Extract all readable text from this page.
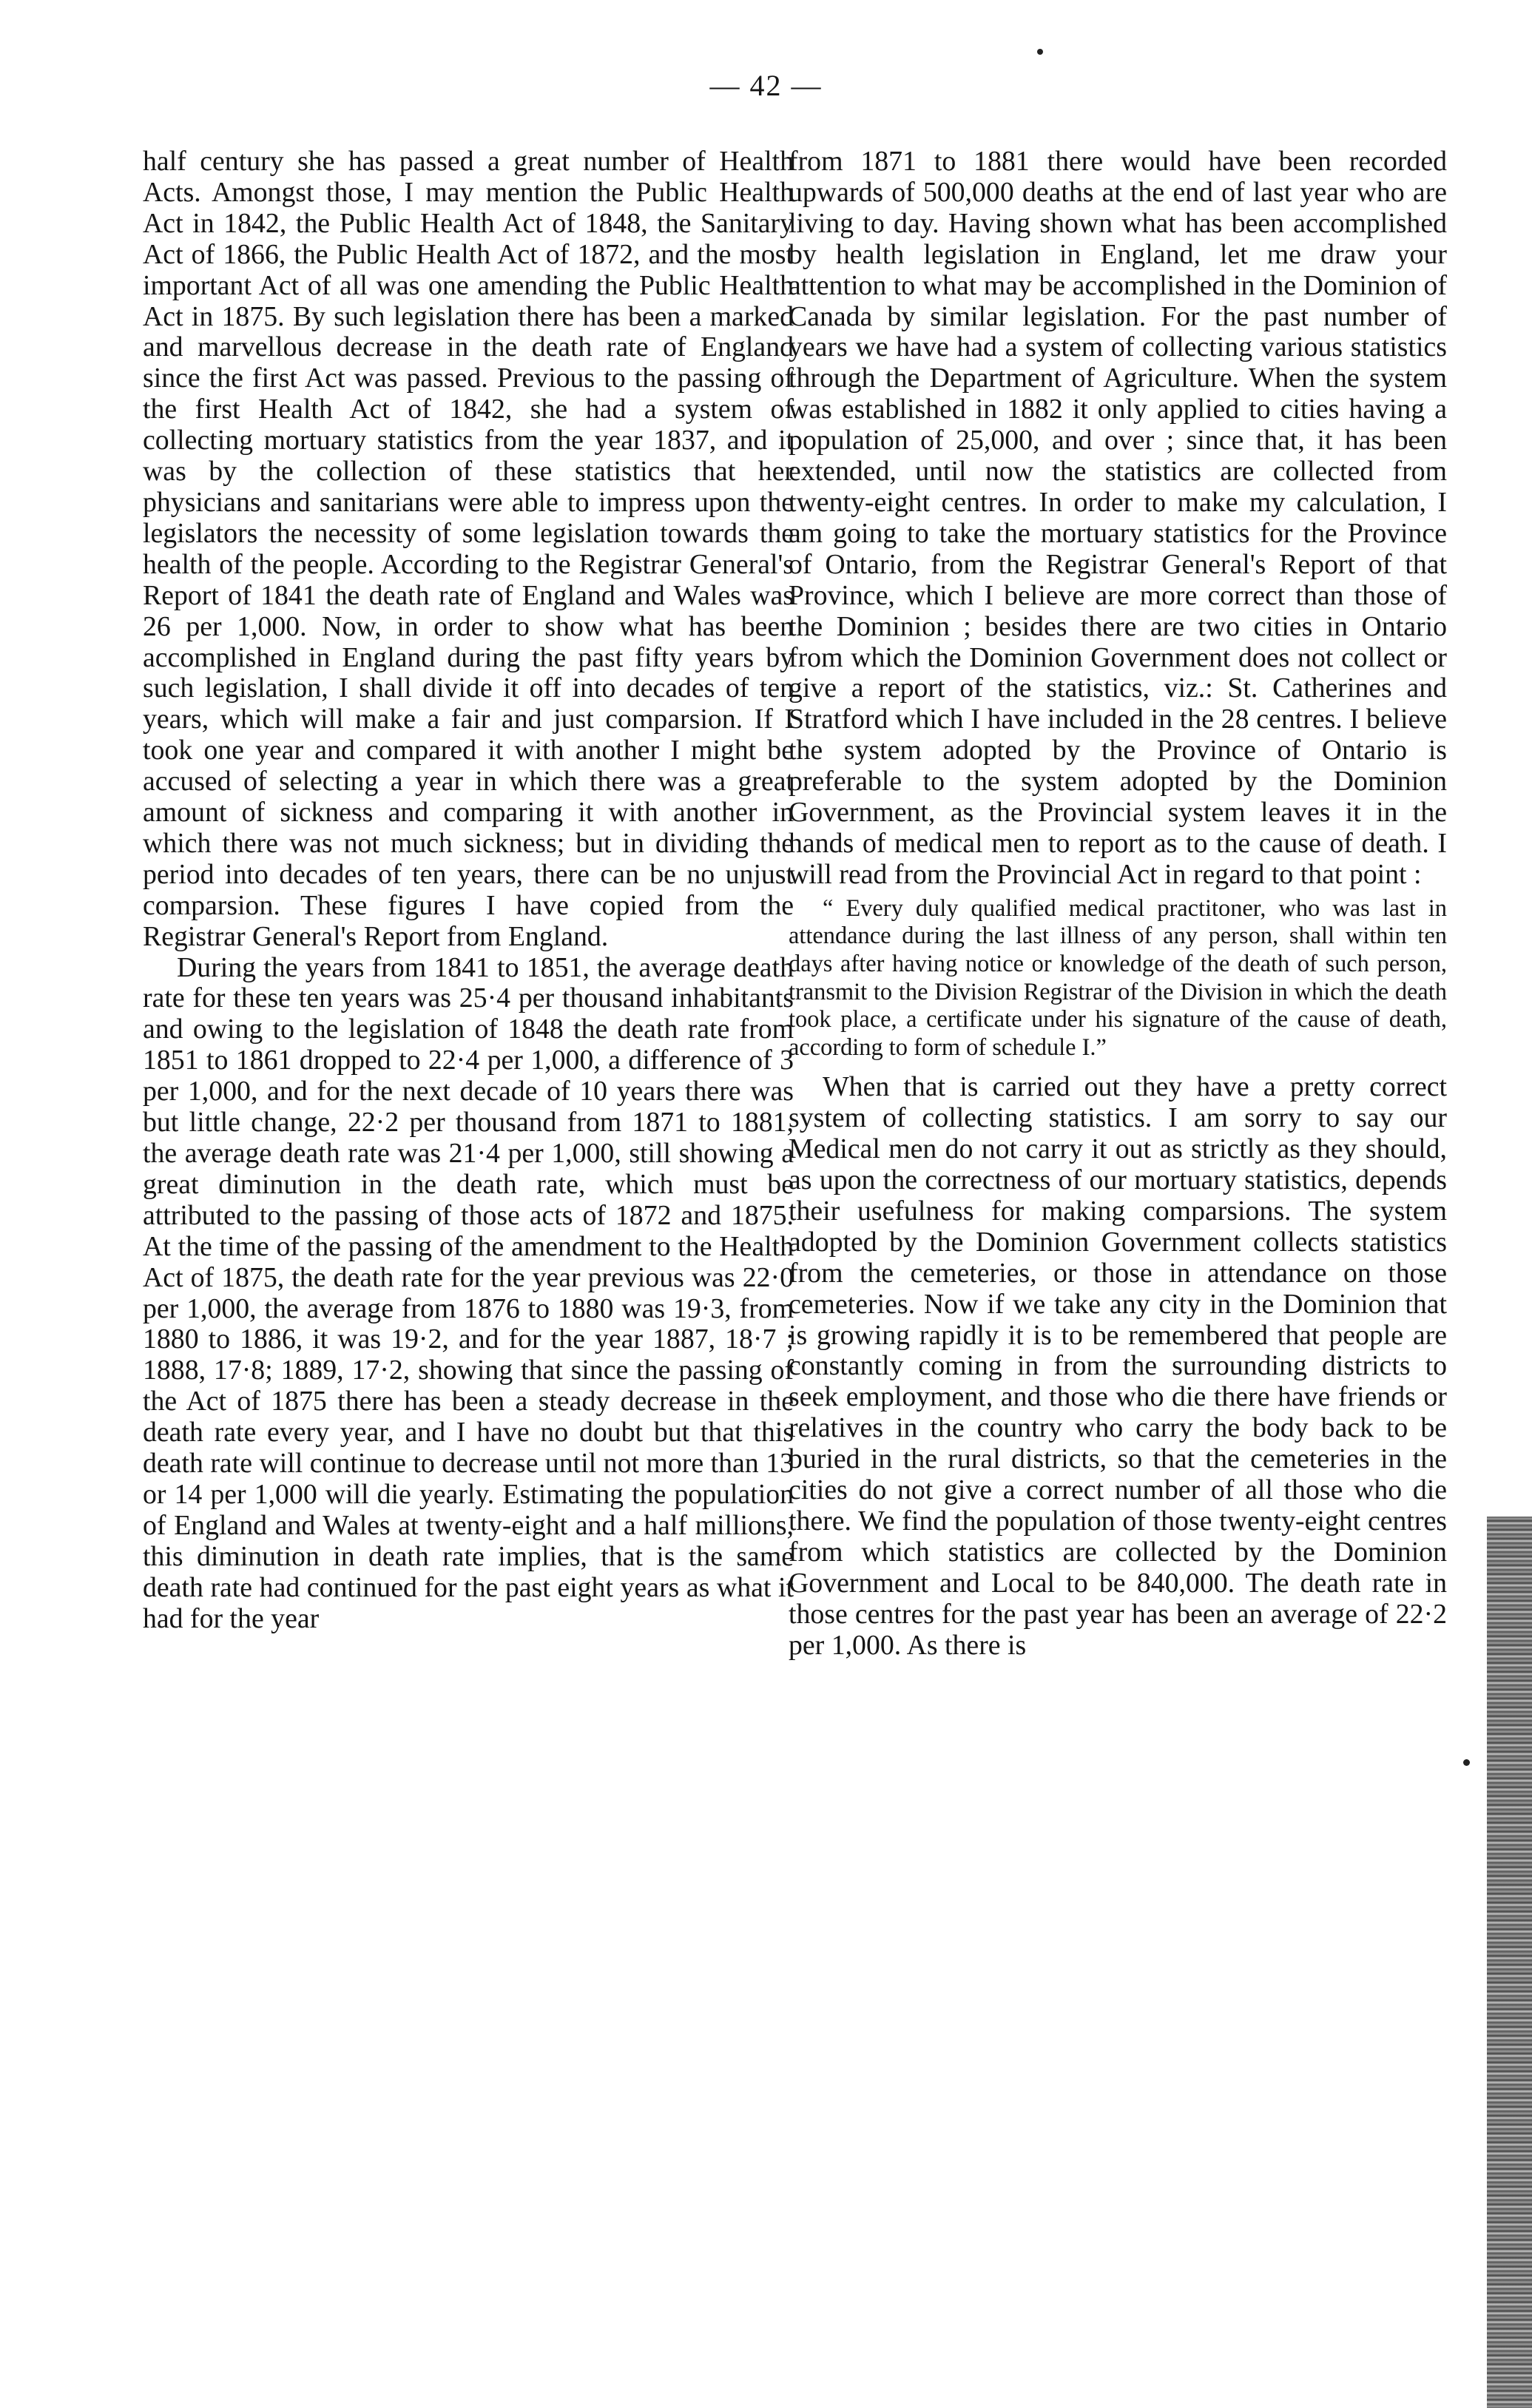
— 42 —

half century she has passed a great number of Health Acts. Amongst those, I may mention the Public Health Act in 1842, the Public Health Act of 1848, the Sanitary Act of 1866, the Public Health Act of 1872, and the most important Act of all was one amending the Public Health Act in 1875. By such legislation there has been a marked and marvellous decrease in the death rate of England since the first Act was passed. Previous to the passing of the first Health Act of 1842, she had a system of collecting mortuary statistics from the year 1837, and it was by the collection of these statistics that her physicians and sanitarians were able to impress upon the legislators the necessity of some legislation towards the health of the people. According to the Registrar General's Report of 1841 the death rate of England and Wales was 26 per 1,000. Now, in order to show what has been accomplished in England during the past fifty years by such legislation, I shall divide it off into decades of ten years, which will make a fair and just comparsion. If I took one year and compared it with another I might be accused of selecting a year in which there was a great amount of sickness and comparing it with another in which there was not much sickness; but in dividing the period into decades of ten years, there can be no unjust comparsion. These figures I have copied from the Registrar General's Report from England.

During the years from 1841 to 1851, the average death rate for these ten years was 25·4 per thousand inhabitants and owing to the legislation of 1848 the death rate from 1851 to 1861 dropped to 22·4 per 1,000, a difference of 3 per 1,000, and for the next decade of 10 years there was but little change, 22·2 per thousand from 1871 to 1881, the average death rate was 21·4 per 1,000, still showing a great diminution in the death rate, which must be attributed to the passing of those acts of 1872 and 1875. At the time of the passing of the amendment to the Health Act of 1875, the death rate for the year previous was 22·0 per 1,000, the average from 1876 to 1880 was 19·3, from 1880 to 1886, it was 19·2, and for the year 1887, 18·7 ; 1888, 17·8; 1889, 17·2, showing that since the passing of the Act of 1875 there has been a steady decrease in the death rate every year, and I have no doubt but that this death rate will continue to decrease until not more than 13 or 14 per 1,000 will die yearly. Estimating the population of England and Wales at twenty-eight and a half millions, this diminution in death rate implies, that is the same death rate had continued for the past eight years as what it had for the year

from 1871 to 1881 there would have been recorded upwards of 500,000 deaths at the end of last year who are living to day. Having shown what has been accomplished by health legislation in England, let me draw your attention to what may be accomplished in the Dominion of Canada by similar legislation. For the past number of years we have had a system of collecting various statistics through the Department of Agriculture. When the system was established in 1882 it only applied to cities having a population of 25,000, and over ; since that, it has been extended, until now the statistics are collected from twenty-eight centres. In order to make my calculation, I am going to take the mortuary statistics for the Province of Ontario, from the Registrar General's Report of that Province, which I believe are more correct than those of the Dominion ; besides there are two cities in Ontario from which the Dominion Government does not collect or give a report of the statistics, viz.: St. Catherines and Stratford which I have included in the 28 centres. I believe the system adopted by the Province of Ontario is preferable to the system adopted by the Dominion Government, as the Provincial system leaves it in the hands of medical men to report as to the cause of death. I will read from the Provincial Act in regard to that point :

“ Every duly qualified medical practitoner, who was last in attendance during the last illness of any person, shall within ten days after having notice or knowledge of the death of such person, transmit to the Division Registrar of the Division in which the death took place, a certificate under his signature of the cause of death, according to form of schedule I.”

When that is carried out they have a pretty correct system of collecting statistics. I am sorry to say our Medical men do not carry it out as strictly as they should, as upon the correctness of our mortuary statistics, depends their usefulness for making comparsions. The system adopted by the Dominion Government collects statistics from the cemeteries, or those in attendance on those cemeteries. Now if we take any city in the Dominion that is growing rapidly it is to be remembered that people are constantly coming in from the surrounding districts to seek employment, and those who die there have friends or relatives in the country who carry the body back to be buried in the rural districts, so that the cemeteries in the cities do not give a correct number of all those who die there. We find the population of those twenty-eight centres from which statistics are collected by the Dominion Government and Local to be 840,000. The death rate in those centres for the past year has been an average of 22·2 per 1,000. As there is
